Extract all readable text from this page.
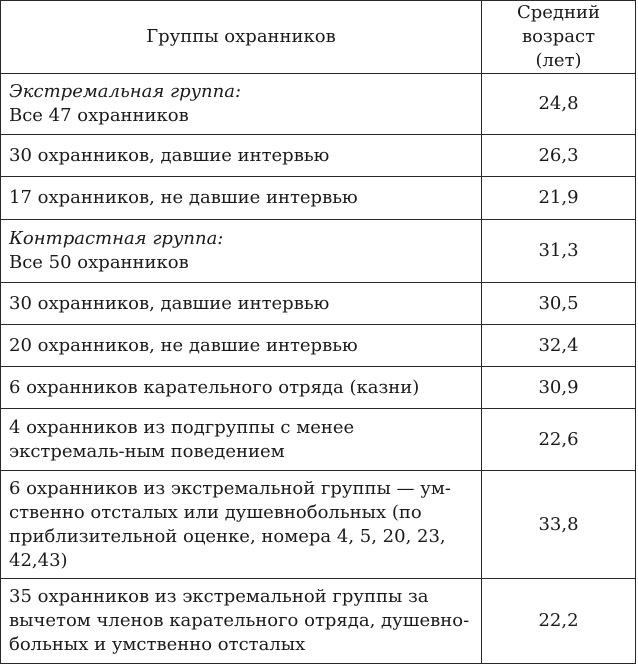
Группы охранников	Средний возраст
(лет)

Экстремальная группа:
Все 47 охранников	24,8
30 охранников, давшие интервью	26,3
17 охранников, не давшие интервью	21,9

Контрастная группа:
Все 50 охранников	31,3
30 охранников, давшие интервью	30,5
20 охранников, не давшие интервью	32,4
6 охранников карательного отряда (казни)	30,9
4 охранников из подгруппы с менее экстремаль-ным поведением	22,6
6 охранников из экстремальной группы — ум-ственно отсталых или душевнобольных (по приблизительной оценке, номера 4, 5, 20, 23, 42,43)	33,8
35 охранников из экстремальной группы за вычетом членов карательного отряда, душевно-больных и умственно отсталых	22,2
